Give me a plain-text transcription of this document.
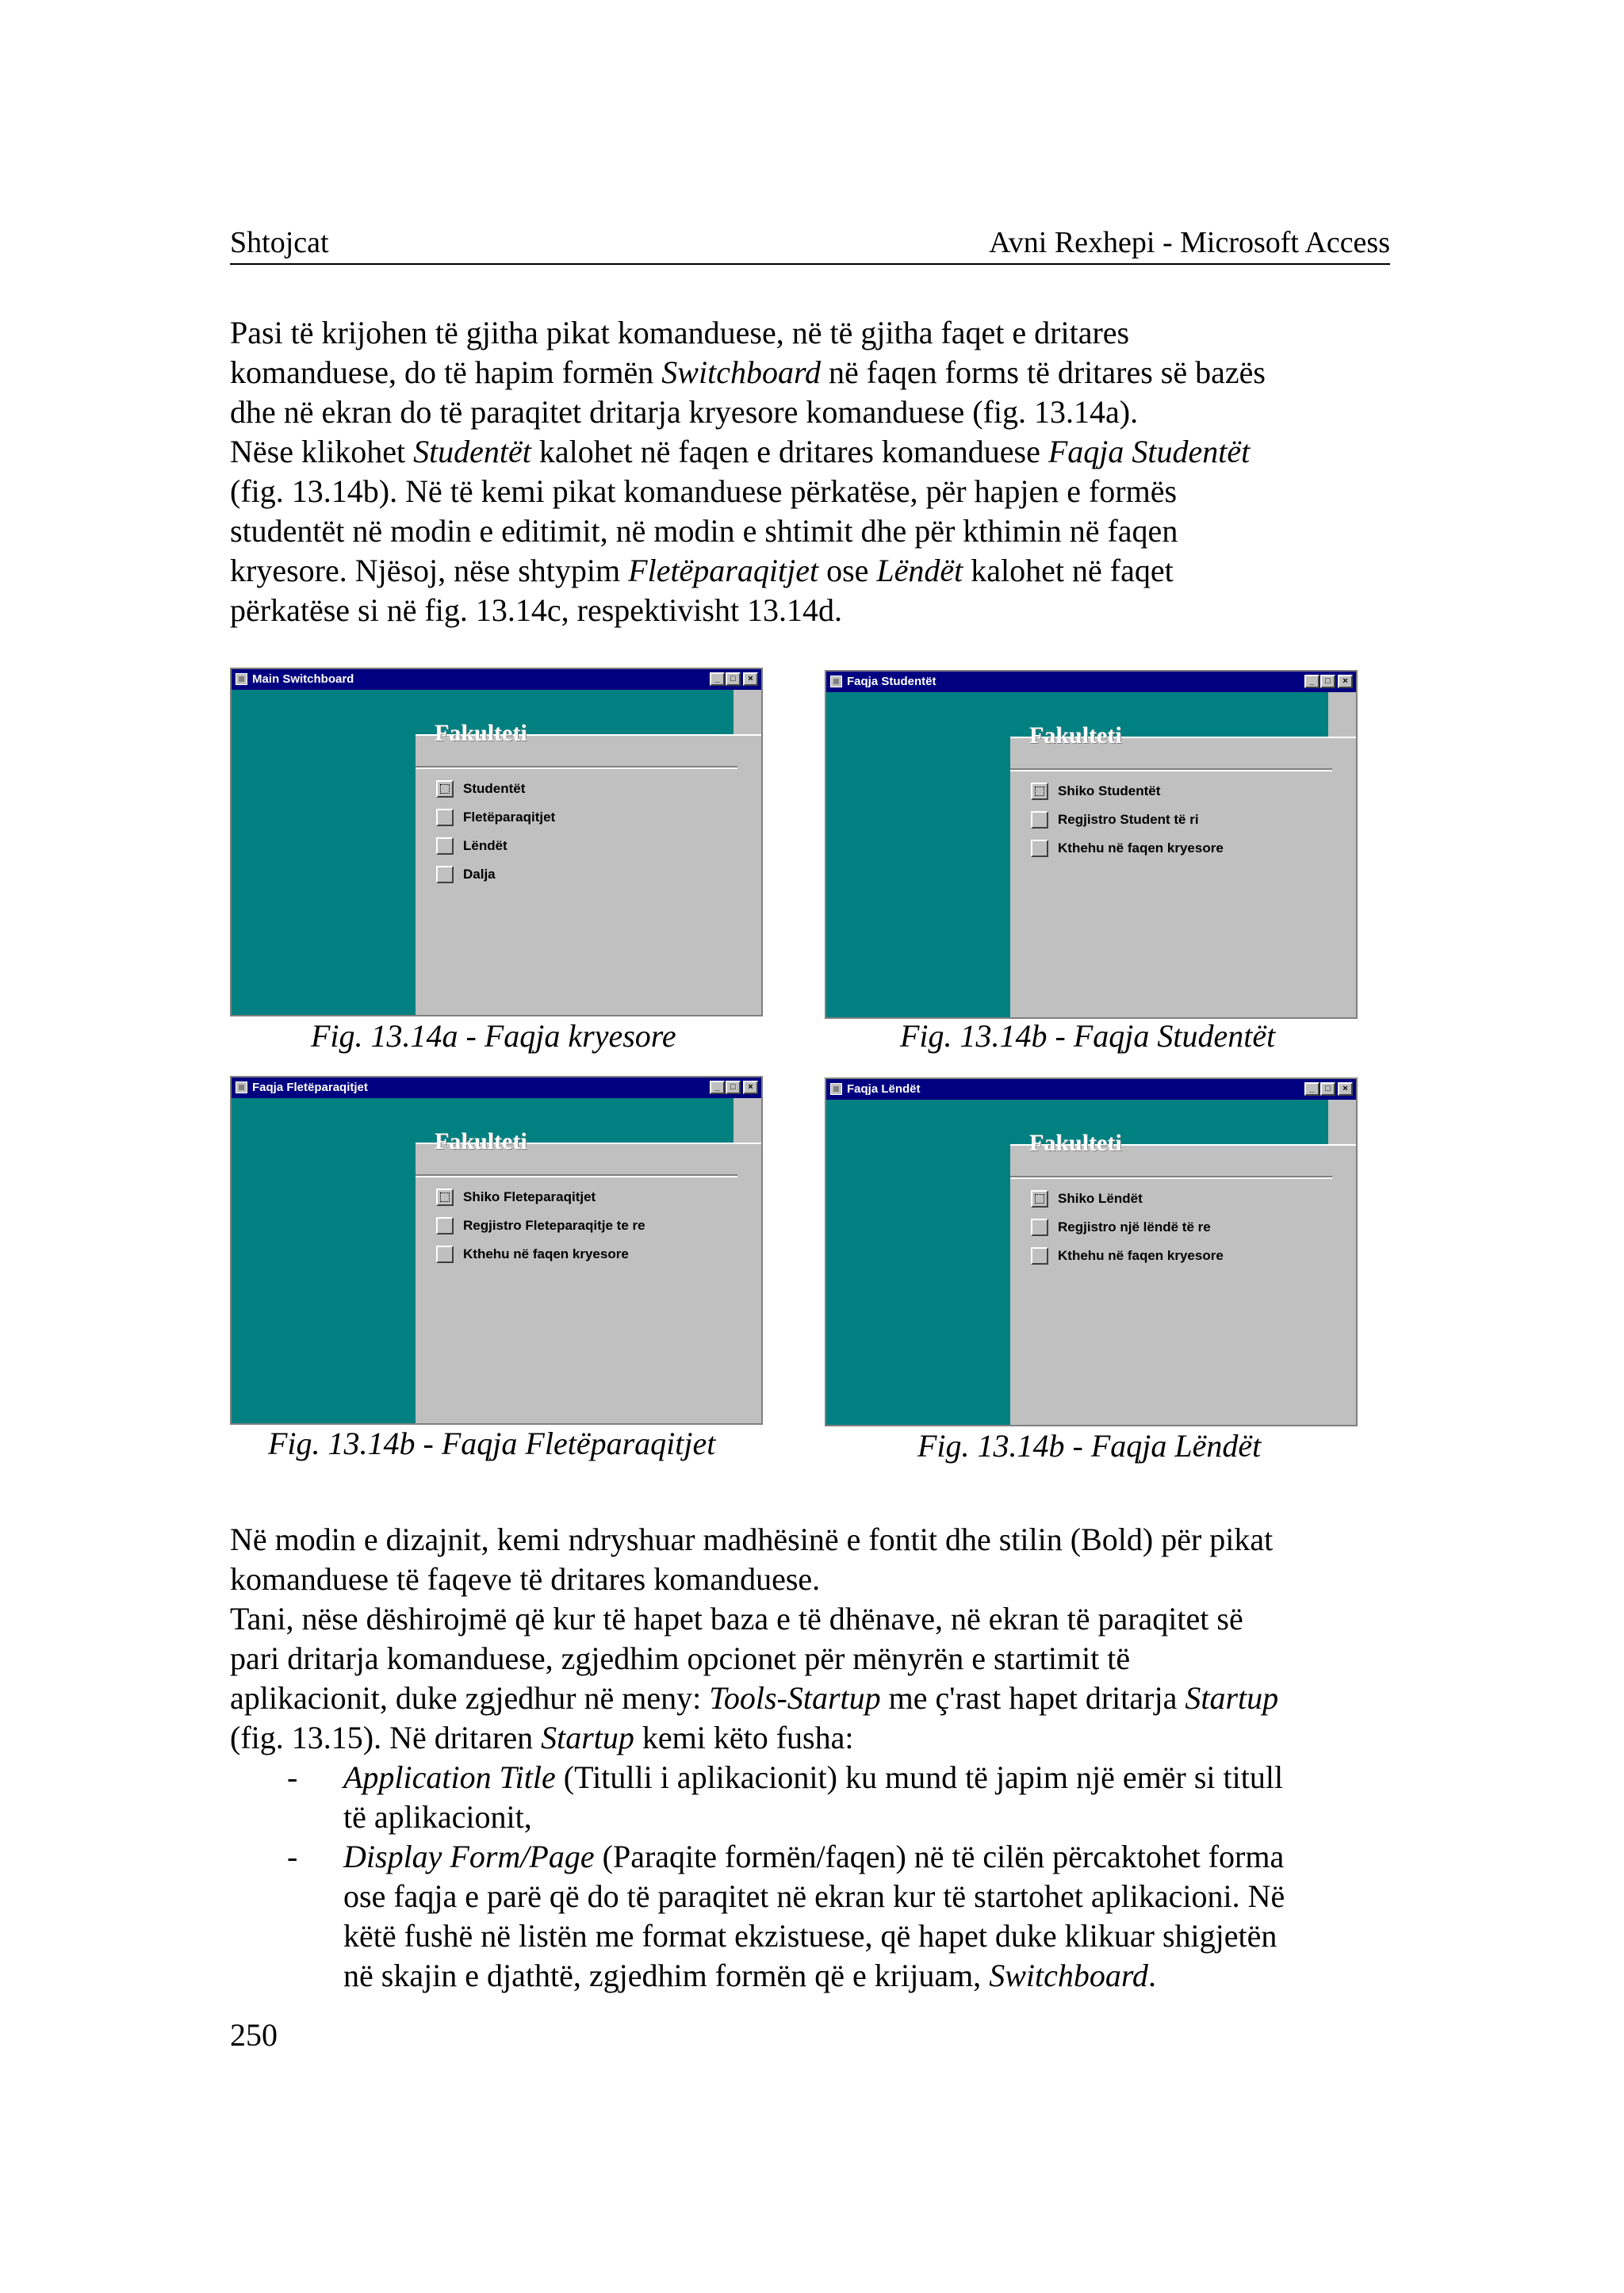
Shtojcat	Avni Rexhepi - Microsoft Access
Pasi të krijohen të gjitha pikat komanduese, në të gjitha faqet e dritares
komanduese, do të hapim formën Switchboard në faqen forms të dritares së bazës
dhe në ekran do të paraqitet dritarja kryesore komanduese (fig. 13.14a).
Nëse klikohet Studentët kalohet në faqen e dritares komanduese Faqja Studentët
(fig. 13.14b). Në të kemi pikat komanduese përkatëse, për hapjen e formës
studentët në modin e editimit, në modin e shtimit dhe për kthimin në faqen
kryesore. Njësoj, nëse shtypim Fletëparaqitjet ose Lëndët kalohet në faqet
përkatëse si në fig. 13.14c, respektivisht 13.14d.
Main Switchboard	_	□	×
Fakulteti
Studentët
Fletëparaqitjet
Lëndët
Dalja
Fig. 13.14a - Faqja kryesore
Faqja Studentët	_	□	×
Fakulteti
Shiko Studentët
Regjistro Student të ri
Kthehu në faqen kryesore
Fig. 13.14b - Faqja Studentët
Faqja Fletëparaqitjet	_	□	×
Fakulteti
Shiko Fleteparaqitjet
Regjistro Fleteparaqitje te re
Kthehu në faqen kryesore
Fig. 13.14b - Faqja Fletëparaqitjet
Faqja Lëndët	_	□	×
Fakulteti
Shiko Lëndët
Regjistro një lëndë të re
Kthehu në faqen kryesore
Fig. 13.14b - Faqja Lëndët
Në modin e dizajnit, kemi ndryshuar madhësinë e fontit dhe stilin (Bold) për pikat
komanduese të faqeve të dritares komanduese.
Tani, nëse dëshirojmë që kur të hapet baza e të dhënave, në ekran të paraqitet së
pari dritarja komanduese, zgjedhim opcionet për mënyrën e startimit të
aplikacionit, duke zgjedhur në meny: Tools-Startup me ç'rast hapet dritarja Startup
(fig. 13.15). Në dritaren Startup kemi këto fusha:
- Application Title (Titulli i aplikacionit) ku mund të japim një emër si titull
të aplikacionit,
- Display Form/Page (Paraqite formën/faqen) në të cilën përcaktohet forma
ose faqja e parë që do të paraqitet në ekran kur të startohet aplikacioni. Në
këtë fushë në listën me format ekzistuese, që hapet duke klikuar shigjetën
në skajin e djathtë, zgjedhim formën që e krijuam, Switchboard.
250
